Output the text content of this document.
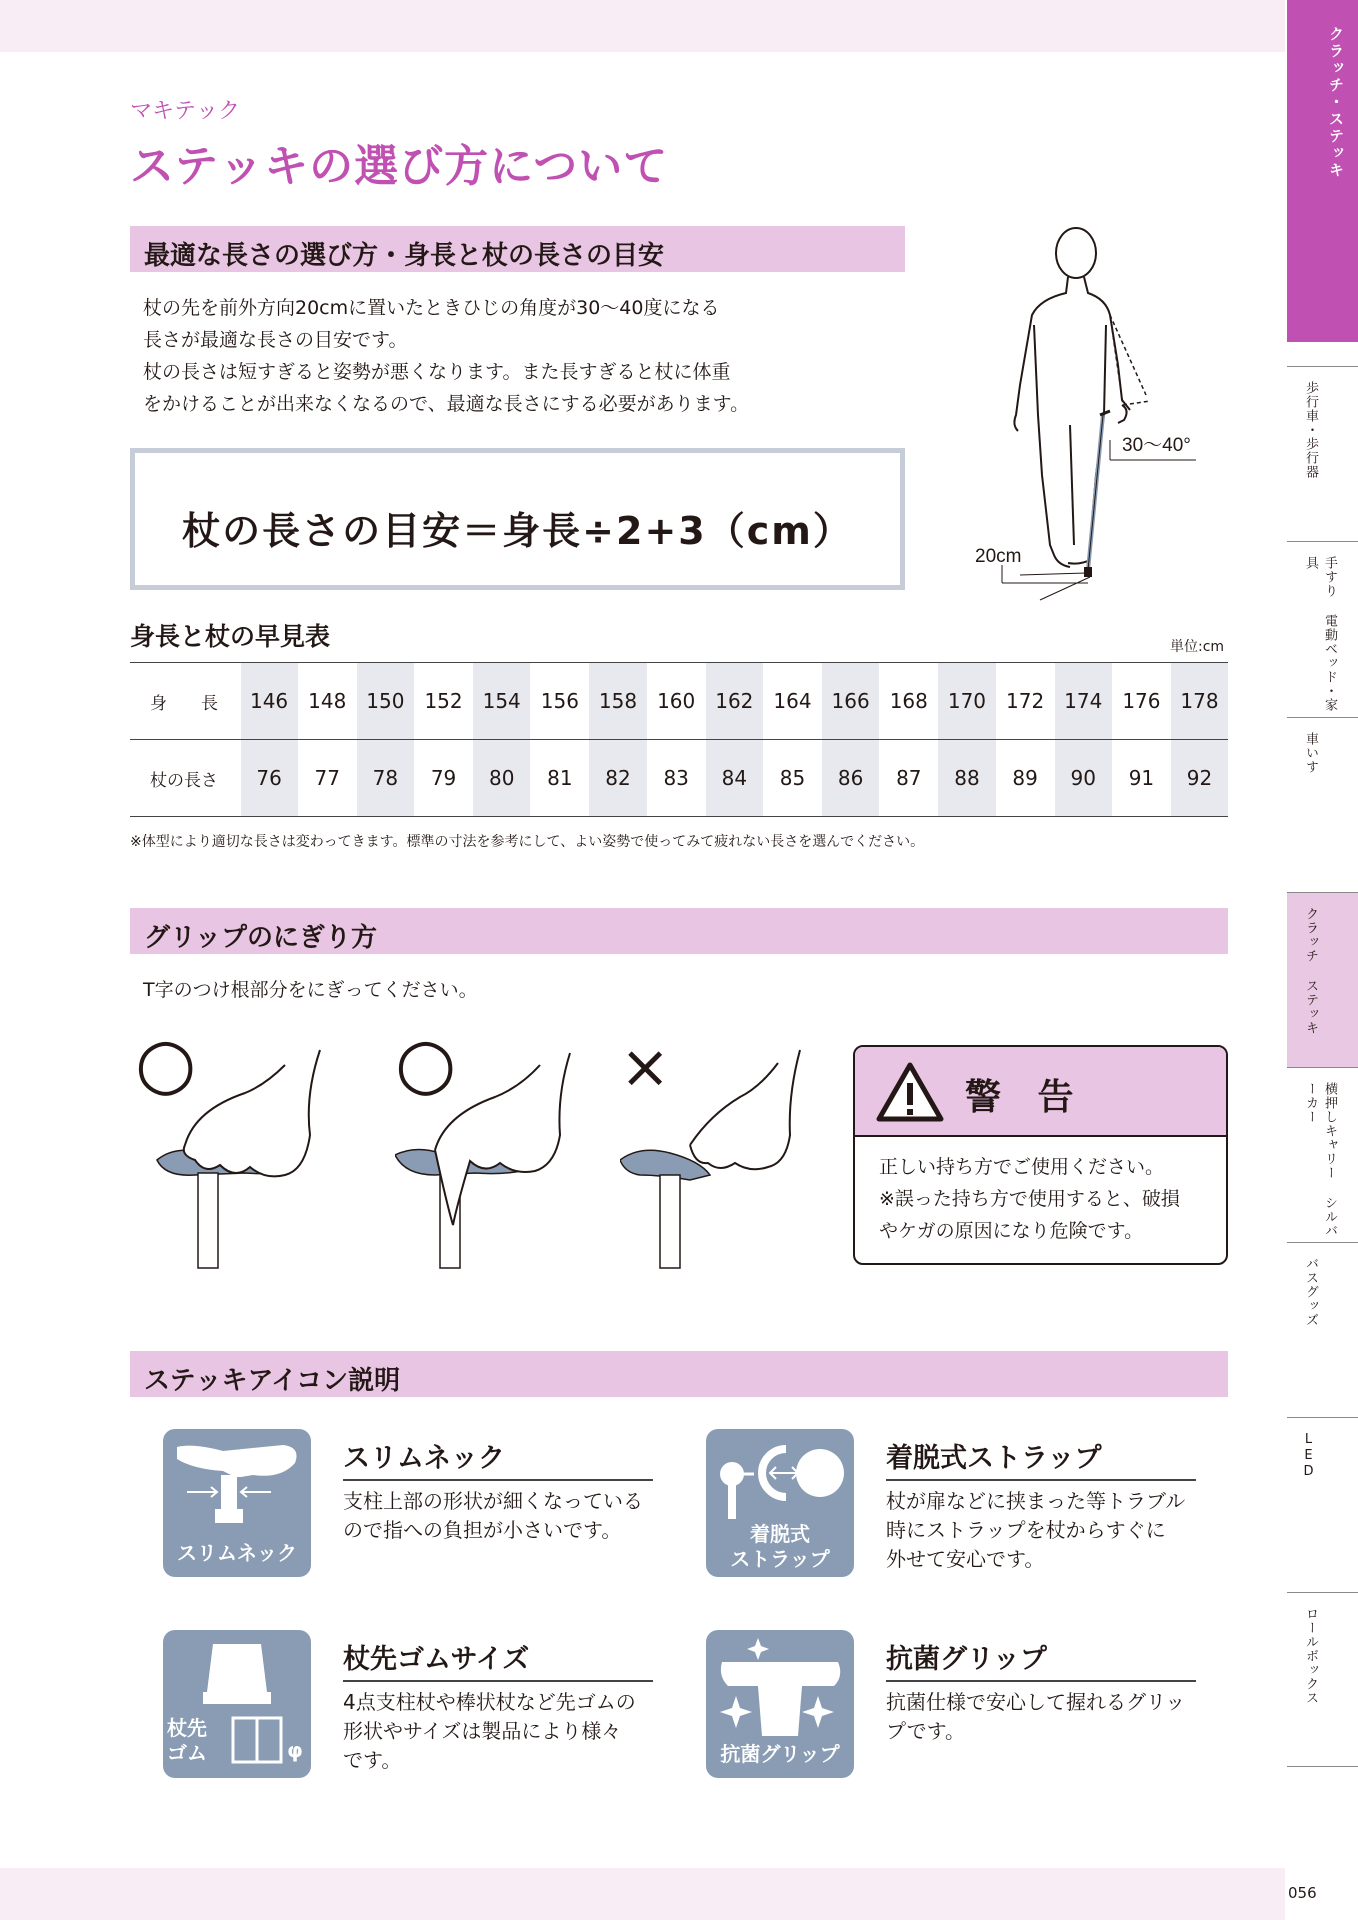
クラッチ・ステッキ
歩行車・歩行器
手すり 電動ベッド・家具
車いす
クラッチ ステッキ
横押しキャリー シルバーカー
バスグッズ
LED
ロールボックス
056
マキテック
ステッキの選び方について
最適な長さの選び方・身長と杖の長さの目安
杖の先を前外方向20cmに置いたときひじの角度が30～40度になる
長さが最適な長さの目安です。
杖の長さは短すぎると姿勢が悪くなります。また長すぎると杖に体重
をかけることが出来なくなるので、最適な長さにする必要があります。
杖の長さの目安＝身長÷2+3（cm）
30～40°
20cm
身長と杖の早見表	単位:cm
身　　長	146	148	150	152	154	156	158	160	162	164	166	168	170	172	174	176	178
杖の長さ	76	77	78	79	80	81	82	83	84	85	86	87	88	89	90	91	92
※体型により適切な長さは変わってきます。標準の寸法を参考にして、よい姿勢で使ってみて疲れない長さを選んでください。
グリップのにぎり方
T字のつけ根部分をにぎってください。
○	○	×	警 告
正しい持ち方でご使用ください。
※誤った持ち方で使用すると、破損
やケガの原因になり危険です。
ステッキアイコン説明
スリムネック
スリムネック
支柱上部の形状が細くなっている
ので指への負担が小さいです。	着脱式
ストラップ
着脱式ストラップ
杖が扉などに挟まった等トラブル
時にストラップを杖からすぐに
外せて安心です。
杖先
ゴム	φ
杖先ゴムサイズ
4点支柱杖や棒状杖など先ゴムの
形状やサイズは製品により様々
です。	抗菌グリップ
抗菌グリップ
抗菌仕様で安心して握れるグリッ
プです。
